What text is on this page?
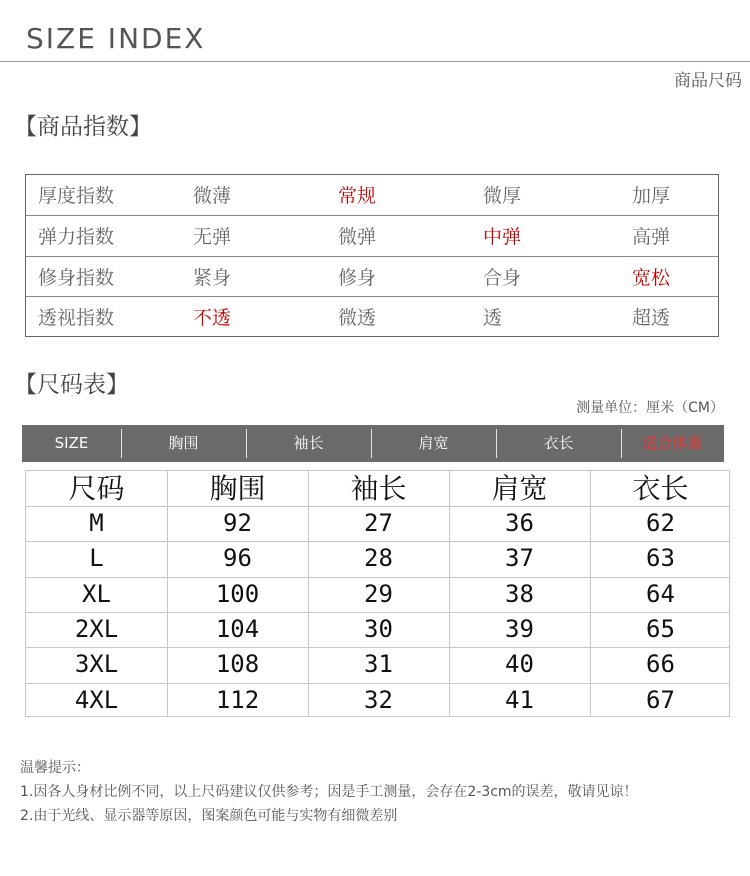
SIZE INDEX
商品尺码
【商品指数】
厚度指数	微薄	常规	微厚	加厚
弹力指数	无弹	微弹	中弹	高弹
修身指数	紧身	修身	合身	宽松
透视指数	不透	微透	透	超透
【尺码表】
测量单位：厘米（CM）
SIZE	胸围	袖长	肩宽	衣长	适合体重
尺码	胸围	袖长	肩宽	衣长
M	92	27	36	62
L	96	28	37	63
XL	100	29	38	64
2XL	104	30	39	65
3XL	108	31	40	66
4XL	112	32	41	67
温馨提示：
1.因各人身材比例不同，以上尺码建议仅供参考；因是手工测量，会存在2-3cm的误差，敬请见谅！
2.由于光线、显示器等原因，图案颜色可能与实物有细微差别
